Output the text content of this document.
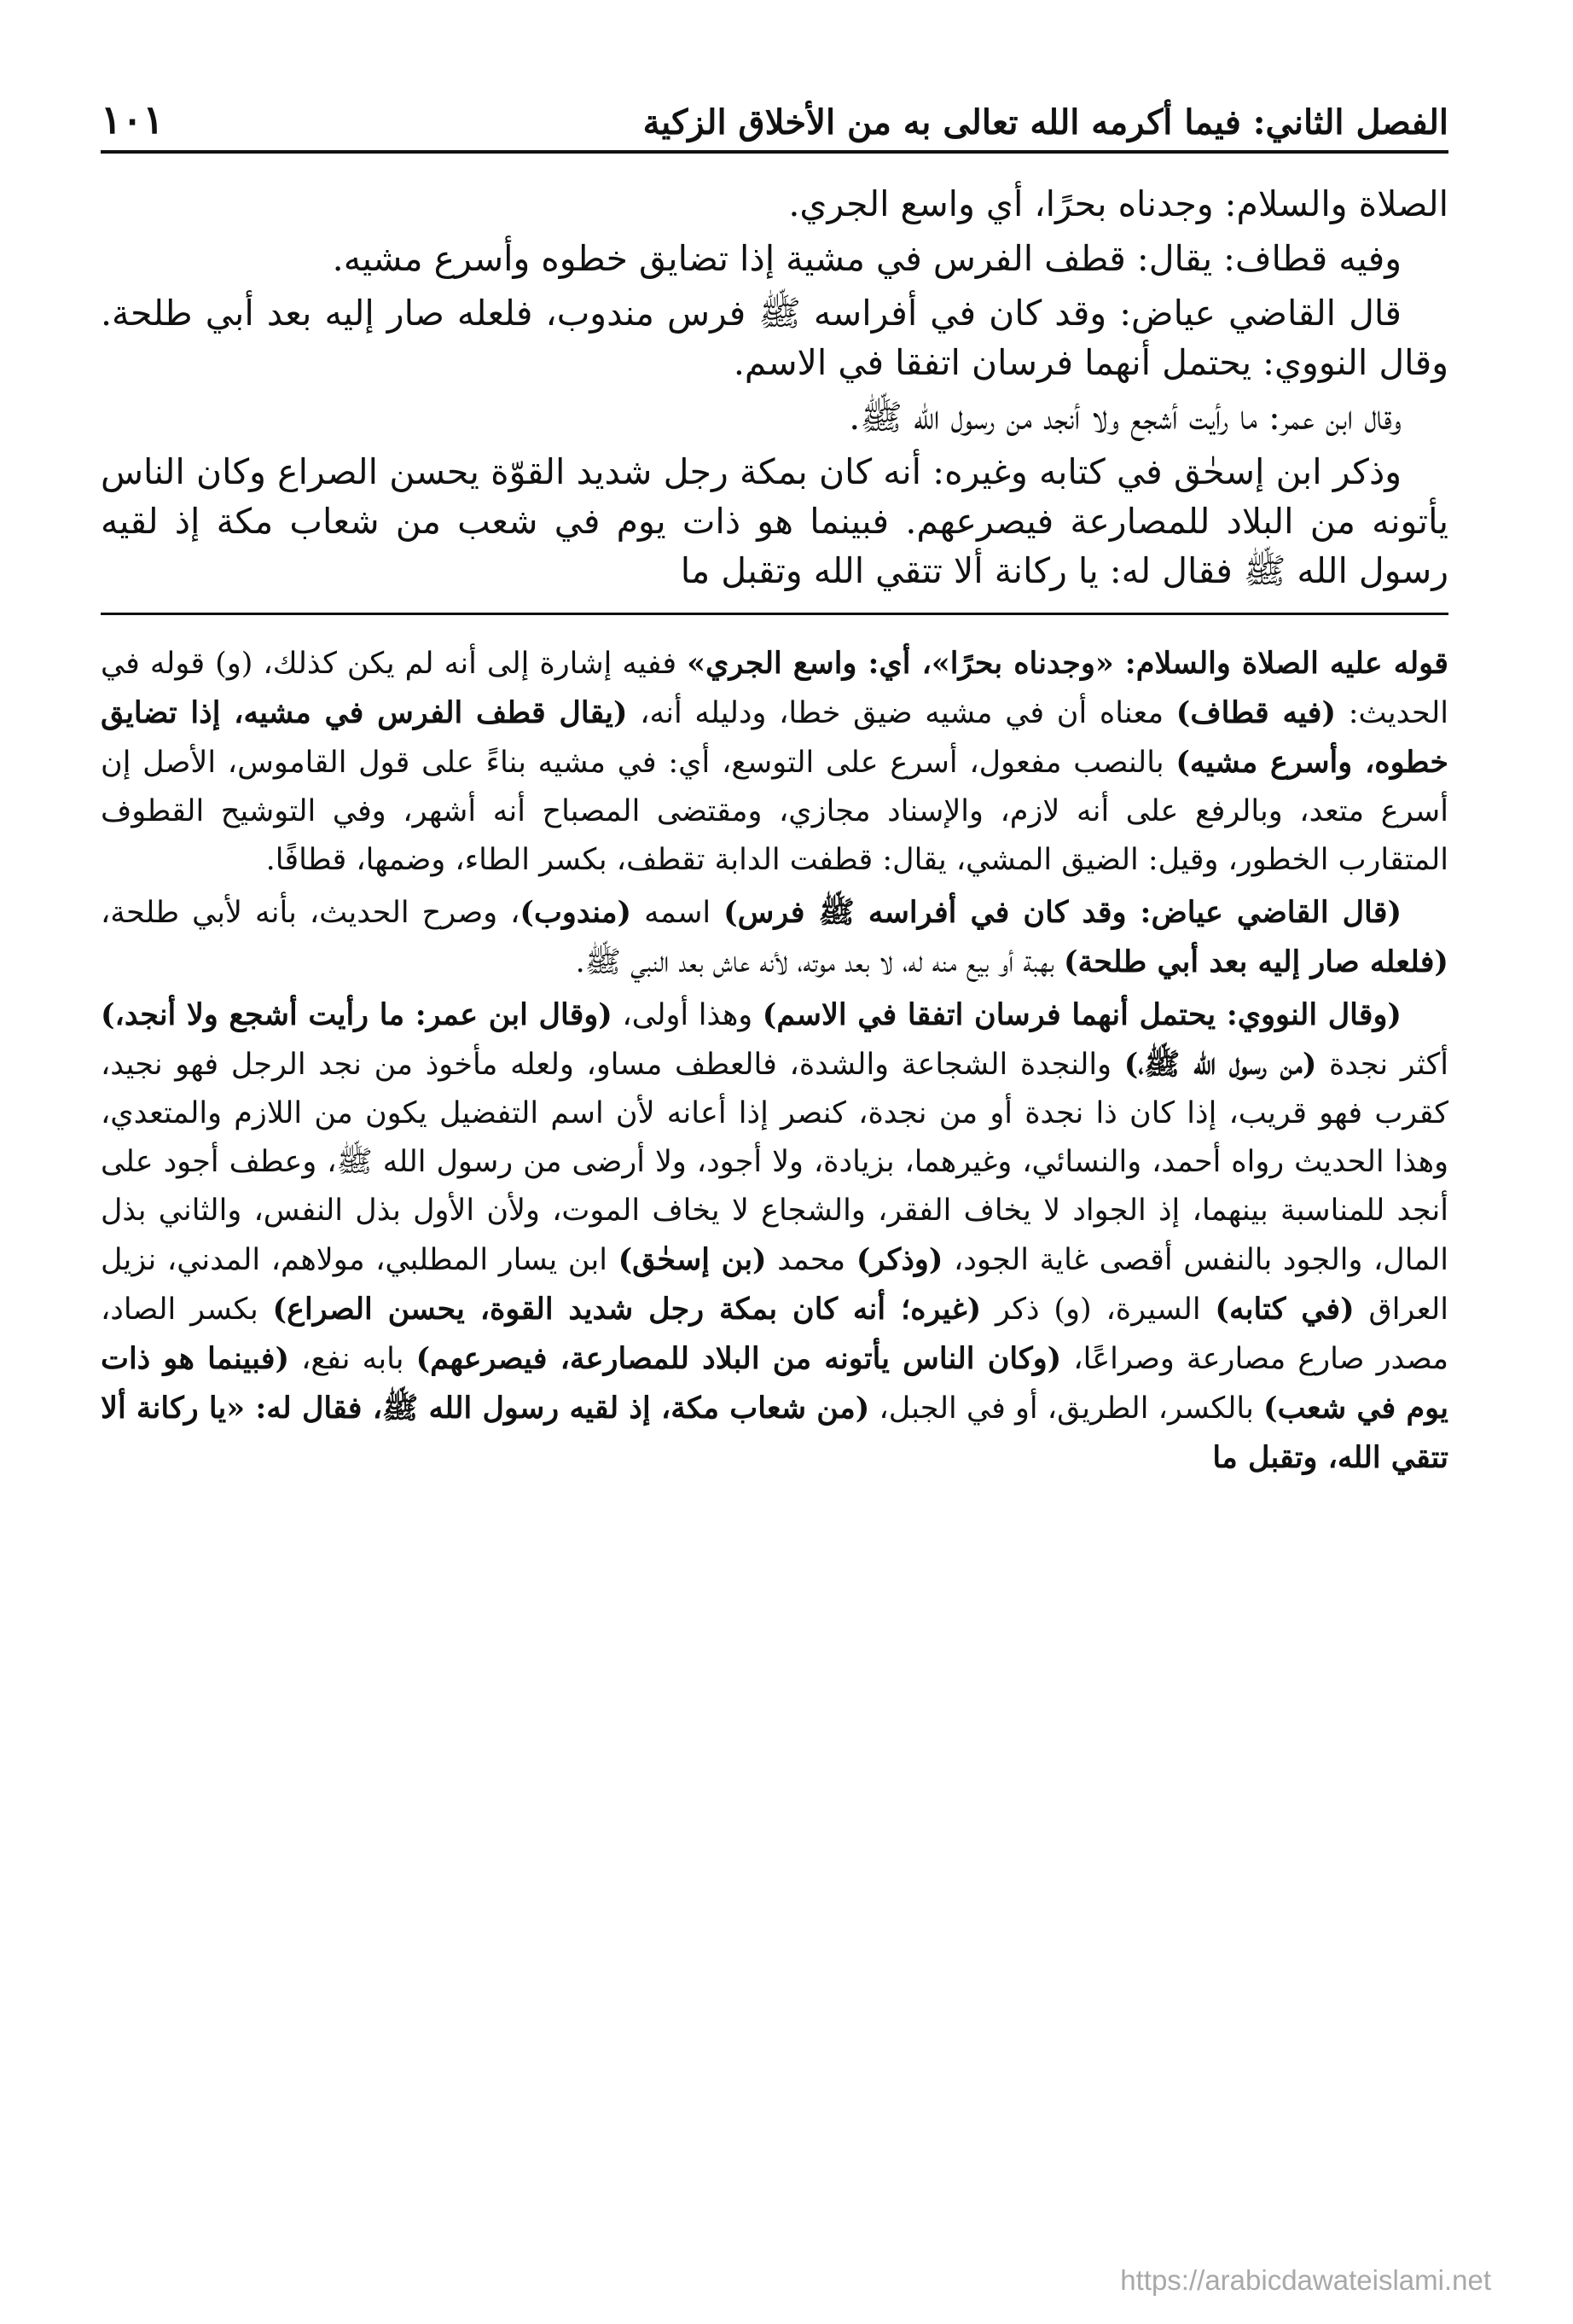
الفصل الثاني: فيما أكرمه الله تعالى به من الأخلاق الزكية
١٠١

الصلاة والسلام: وجدناه بحرًا، أي واسع الجري.

وفيه قطاف: يقال: قطف الفرس في مشية إذا تضايق خطوه وأسرع مشيه.

قال القاضي عياض: وقد كان في أفراسه ﷺ فرس مندوب، فلعله صار إليه بعد أبي طلحة. وقال النووي: يحتمل أنهما فرسان اتفقا في الاسم.

وقال ابن عمر: ما رأيت أشجع ولا أنجد من رسول الله ﷺ.

وذكر ابن إسحٰق في كتابه وغيره: أنه كان بمكة رجل شديد القوّة يحسن الصراع وكان الناس يأتونه من البلاد للمصارعة فيصرعهم. فبينما هو ذات يوم في شعب من شعاب مكة إذ لقيه رسول الله ﷺ فقال له: يا ركانة ألا تتقي الله وتقبل ما

قوله عليه الصلاة والسلام: «وجدناه بحرًا»، أي: واسع الجري» ففيه إشارة إلى أنه لم يكن كذلك، (و) قوله في الحديث: (فيه قطاف) معناه أن في مشيه ضيق خطا، ودليله أنه، (يقال قطف الفرس في مشيه، إذا تضايق خطوه، وأسرع مشيه) بالنصب مفعول، أسرع على التوسع، أي: في مشيه بناءً على قول القاموس، الأصل إن أسرع متعد، وبالرفع على أنه لازم، والإسناد مجازي، ومقتضى المصباح أنه أشهر، وفي التوشيح القطوف المتقارب الخطور، وقيل: الضيق المشي، يقال: قطفت الدابة تقطف، بكسر الطاء، وضمها، قطافًا.

(قال القاضي عياض: وقد كان في أفراسه ﷺ فرس) اسمه (مندوب)، وصرح الحديث، بأنه لأبي طلحة، (فلعله صار إليه بعد أبي طلحة) بهبة أو بيع منه له، لا بعد موته، لأنه عاش بعد النبي ﷺ.

(وقال النووي: يحتمل أنهما فرسان اتفقا في الاسم) وهذا أولى، (وقال ابن عمر: ما رأيت أشجع ولا أنجد،) أكثر نجدة (من رسول الله ﷺ،) والنجدة الشجاعة والشدة، فالعطف مساو، ولعله مأخوذ من نجد الرجل فهو نجيد، كقرب فهو قريب، إذا كان ذا نجدة أو من نجدة، كنصر إذا أعانه لأن اسم التفضيل يكون من اللازم والمتعدي، وهذا الحديث رواه أحمد، والنسائي، وغيرهما، بزيادة، ولا أجود، ولا أرضى من رسول الله ﷺ، وعطف أجود على أنجد للمناسبة بينهما، إذ الجواد لا يخاف الفقر، والشجاع لا يخاف الموت، ولأن الأول بذل النفس، والثاني بذل المال، والجود بالنفس أقصى غاية الجود، (وذكر) محمد (بن إسحٰق) ابن يسار المطلبي، مولاهم، المدني، نزيل العراق (في كتابه) السيرة، (و) ذكر (غيره؛ أنه كان بمكة رجل شديد القوة، يحسن الصراع) بكسر الصاد، مصدر صارع مصارعة وصراعًا، (وكان الناس يأتونه من البلاد للمصارعة، فيصرعهم) بابه نفع، (فبينما هو ذات يوم في شعب) بالكسر، الطريق، أو في الجبل، (من شعاب مكة، إذ لقيه رسول الله ﷺ، فقال له: «يا ركانة ألا تتقي الله، وتقبل ما

https://arabicdawateislami.net
